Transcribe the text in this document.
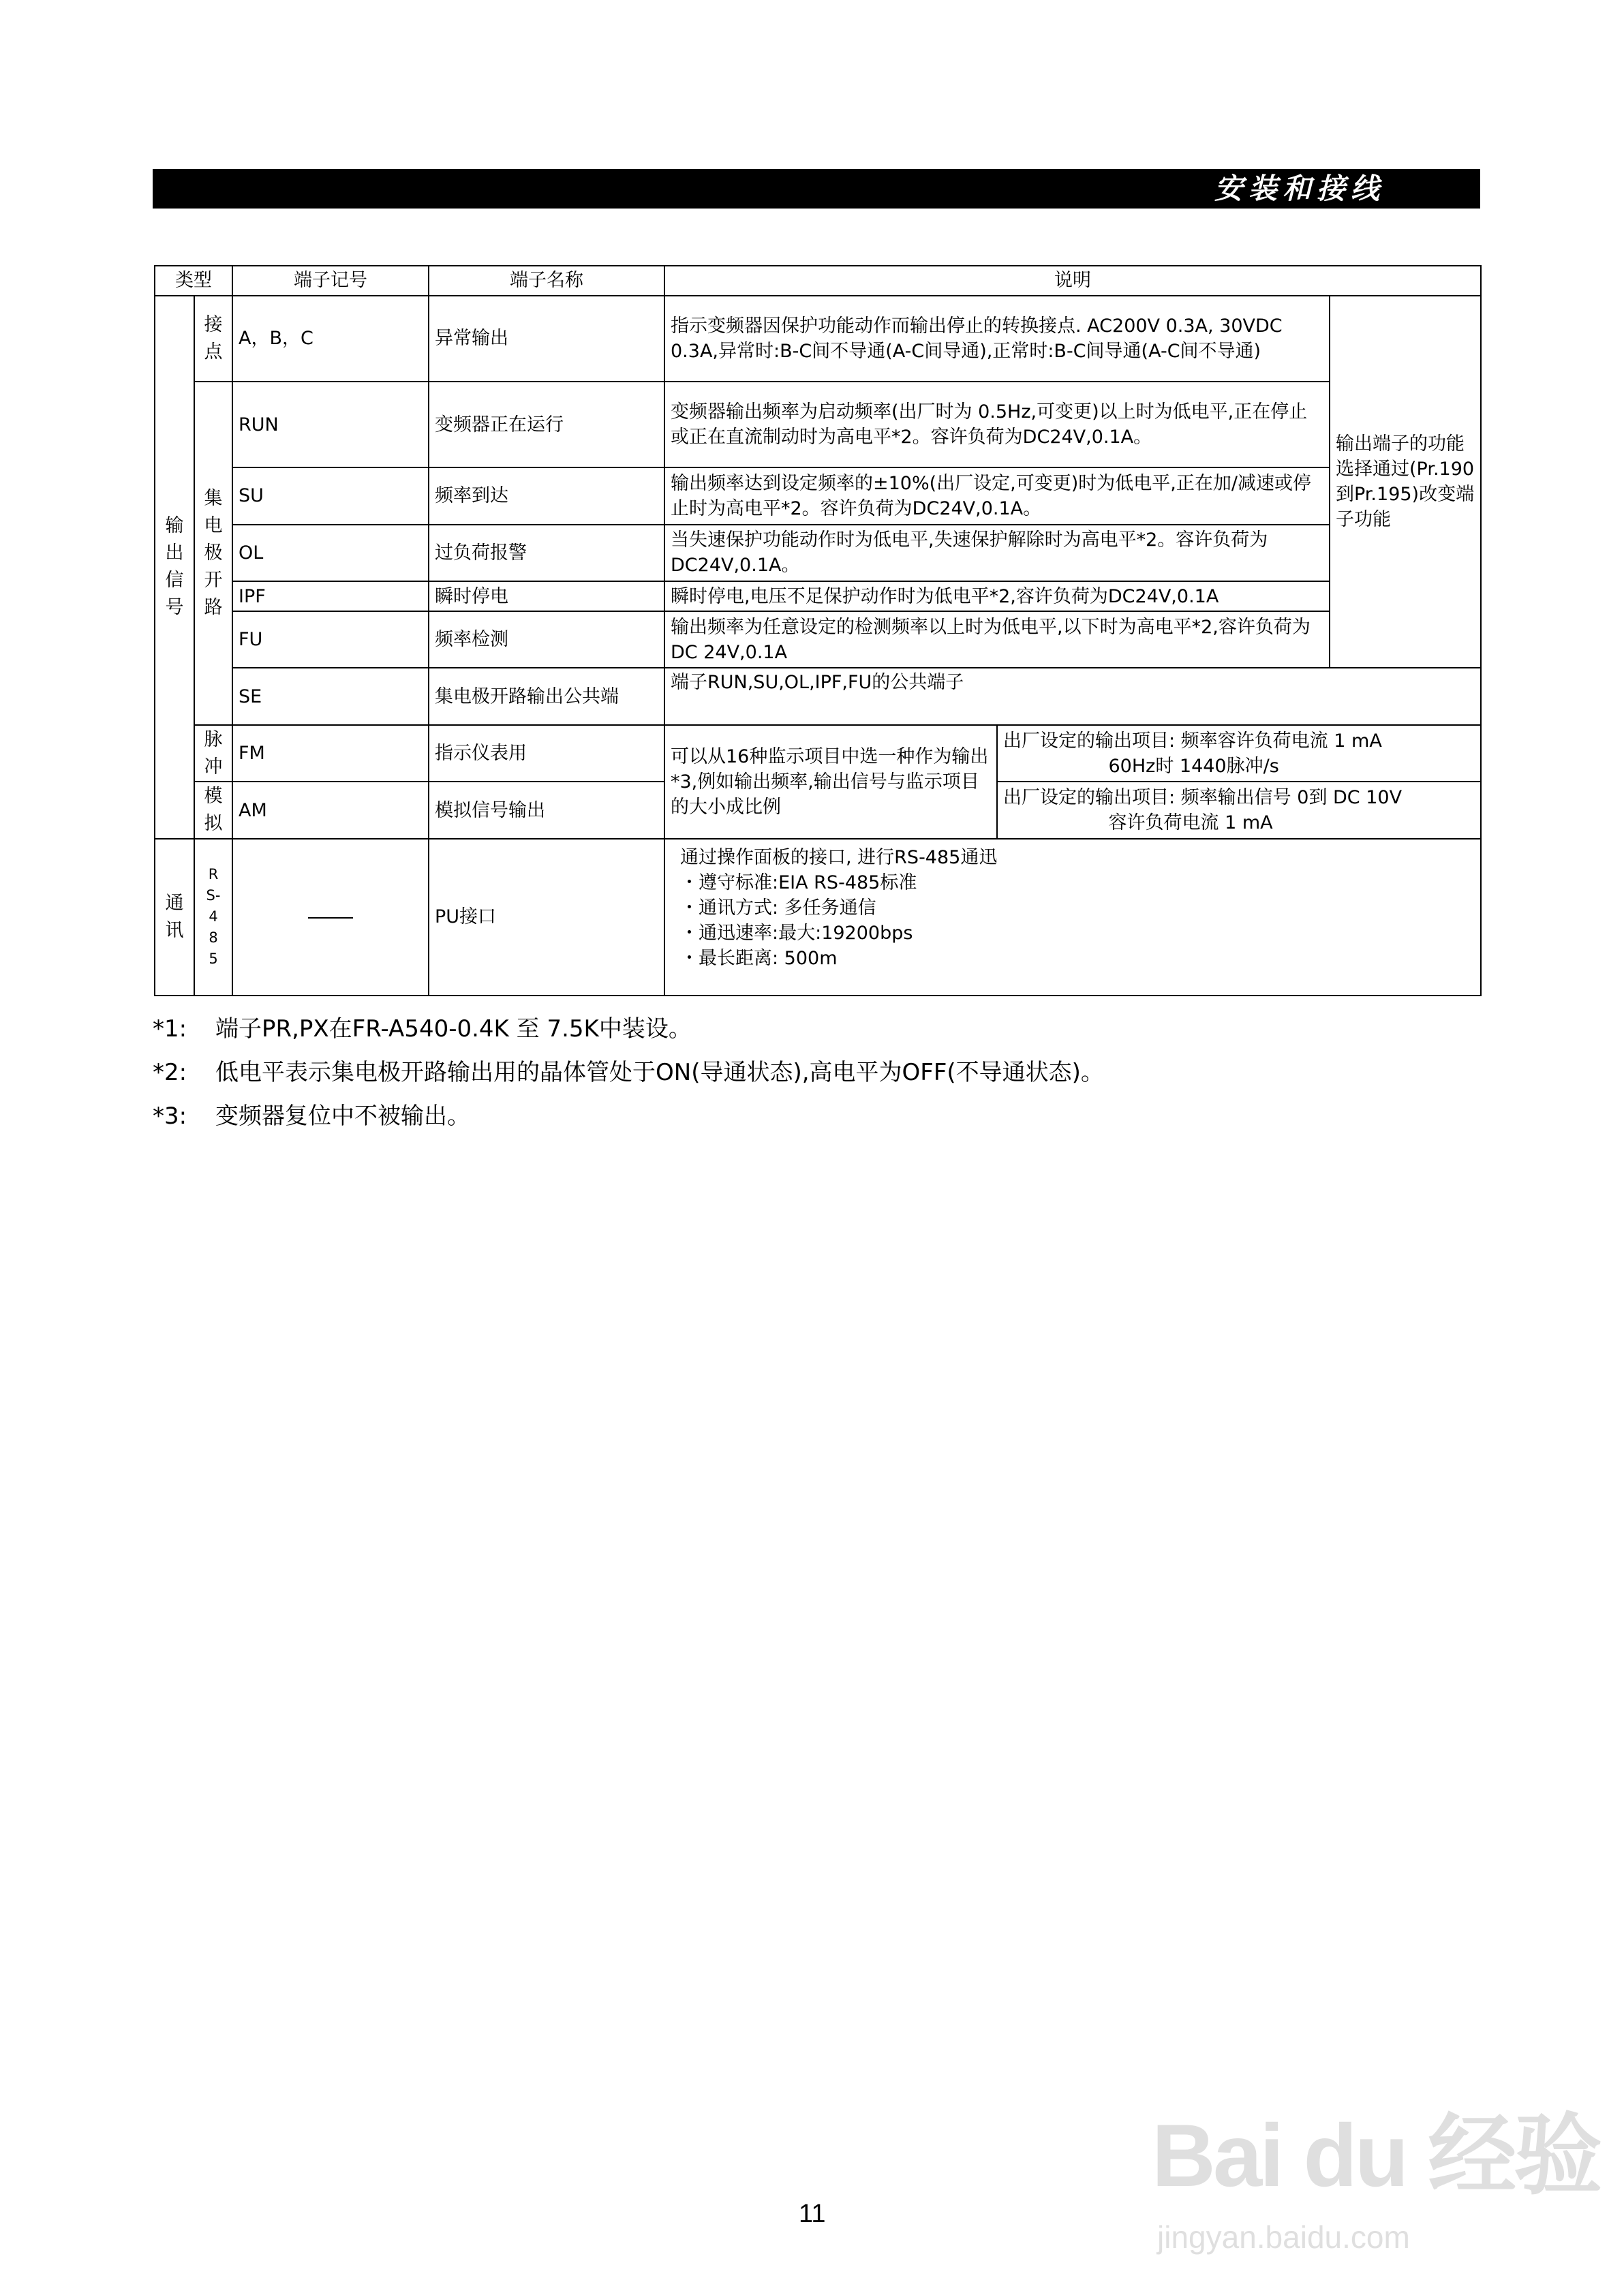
安装和接线
类型		端子记号	端子名称	说明		
输出信号	接点	A，B，C	异常输出	指示变频器因保护功能动作而输出停止的转换接点. AC200V 0.3A, 30VDC 0.3A,异常时:B-C间不导通(A-C间导通),正常时:B-C间导通(A-C间不导通)		输出端子的功能选择通过(Pr.190到Pr.195)改变端子功能
	集电极开路	RUN	变频器正在运行	变频器输出频率为启动频率(出厂时为 0.5Hz,可变更)以上时为低电平,正在停止或正在直流制动时为高电平*2。容许负荷为DC24V,0.1A。		
		SU	频率到达	输出频率达到设定频率的±10%(出厂设定,可变更)时为低电平,正在加/减速或停止时为高电平*2。容许负荷为DC24V,0.1A。		
		OL	过负荷报警	当失速保护功能动作时为低电平,失速保护解除时为高电平*2。容许负荷为DC24V,0.1A。		
		IPF	瞬时停电	瞬时停电,电压不足保护动作时为低电平*2,容许负荷为DC24V,0.1A		
		FU	频率检测	输出频率为任意设定的检测频率以上时为低电平,以下时为高电平*2,容许负荷为DC 24V,0.1A		
		SE	集电极开路输出公共端	端子RUN,SU,OL,IPF,FU的公共端子		
	脉冲	FM	指示仪表用	可以从16种监示项目中选一种作为输出*3,例如输出频率,输出信号与监示项目的大小成比例	出厂设定的输出项目: 频率容许负荷电流 1 mA
60Hz时 1440脉冲/s	
	模拟	AM	模拟信号输出		出厂设定的输出项目: 频率输出信号 0到 DC 10V
容许负荷电流 1 mA	
通讯	RS-485		PU接口	通过操作面板的接口, 进行RS-485通迅
・遵守标准:EIA RS-485标准
・通讯方式: 多任务通信
・通迅速率:最大:19200bps
・最长距离: 500m		
*1: 端子PR,PX在FR-A540-0.4K 至 7.5K中装设。
*2: 低电平表示集电极开路输出用的晶体管处于ON(导通状态),高电平为OFF(不导通状态)。
*3: 变频器复位中不被输出。
11
Bai du 经验
jingyan.baidu.com
